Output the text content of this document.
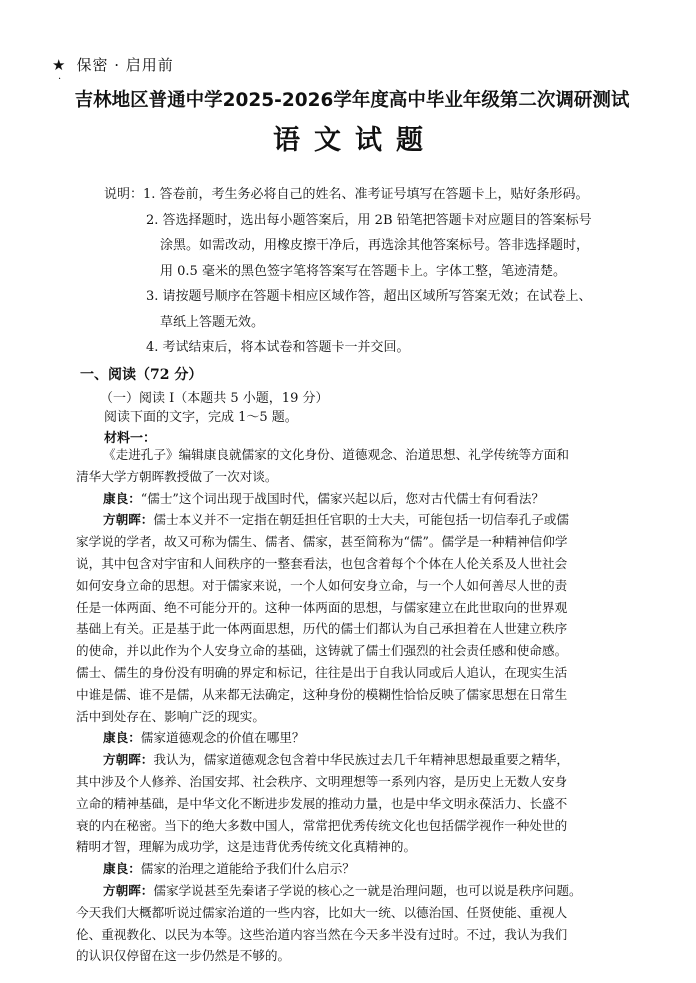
★ 保密 · 启用前
·
吉林地区普通中学2025-2026学年度高中毕业年级第二次调研测试
语文试题
说明：1. 答卷前，考生务必将自己的姓名、准考证号填写在答题卡上，贴好条形码。
2. 答选择题时，选出每小题答案后，用 2B 铅笔把答题卡对应题目的答案标号
涂黑。如需改动，用橡皮擦干净后，再选涂其他答案标号。答非选择题时，
用 0.5 毫米的黑色签字笔将答案写在答题卡上。字体工整，笔迹清楚。
3. 请按题号顺序在答题卡相应区域作答，超出区域所写答案无效；在试卷上、
草纸上答题无效。
4. 考试结束后，将本试卷和答题卡一并交回。
一、阅读（72 分）
（一）阅读 I（本题共 5 小题，19 分）
阅读下面的文字，完成 1～5 题。
材料一：
《走进孔子》编辑康良就儒家的文化身份、道德观念、治道思想、礼学传统等方面和
清华大学方朝晖教授做了一次对谈。
康良：“儒士”这个词出现于战国时代，儒家兴起以后，您对古代儒士有何看法？
方朝晖：儒士本义并不一定指在朝廷担任官职的士大夫，可能包括一切信奉孔子或儒
家学说的学者，故又可称为儒生、儒者、儒家，甚至简称为“儒”。儒学是一种精神信仰学
说，其中包含对宇宙和人间秩序的一整套看法，也包含着每个个体在人伦关系及人世社会
如何安身立命的思想。对于儒家来说，一个人如何安身立命，与一个人如何善尽人世的责
任是一体两面、绝不可能分开的。这种一体两面的思想，与儒家建立在此世取向的世界观
基础上有关。正是基于此一体两面思想，历代的儒士们都认为自己承担着在人世建立秩序
的使命，并以此作为个人安身立命的基础，这铸就了儒士们强烈的社会责任感和使命感。
儒士、儒生的身份没有明确的界定和标记，往往是出于自我认同或后人追认，在现实生活
中谁是儒、谁不是儒，从来都无法确定，这种身份的模糊性恰恰反映了儒家思想在日常生
活中到处存在、影响广泛的现实。
康良：儒家道德观念的价值在哪里？
方朝晖：我认为，儒家道德观念包含着中华民族过去几千年精神思想最重要之精华，
其中涉及个人修养、治国安邦、社会秩序、文明理想等一系列内容，是历史上无数人安身
立命的精神基础，是中华文化不断进步发展的推动力量，也是中华文明永葆活力、长盛不
衰的内在秘密。当下的绝大多数中国人，常常把优秀传统文化也包括儒学视作一种处世的
精明才智，理解为成功学，这是违背优秀传统文化真精神的。
康良：儒家的治理之道能给予我们什么启示？
方朝晖：儒家学说甚至先秦诸子学说的核心之一就是治理问题，也可以说是秩序问题。
今天我们大概都听说过儒家治道的一些内容，比如大一统、以德治国、任贤使能、重视人
伦、重视教化、以民为本等。这些治道内容当然在今天多半没有过时。不过，我认为我们
的认识仅停留在这一步仍然是不够的。
